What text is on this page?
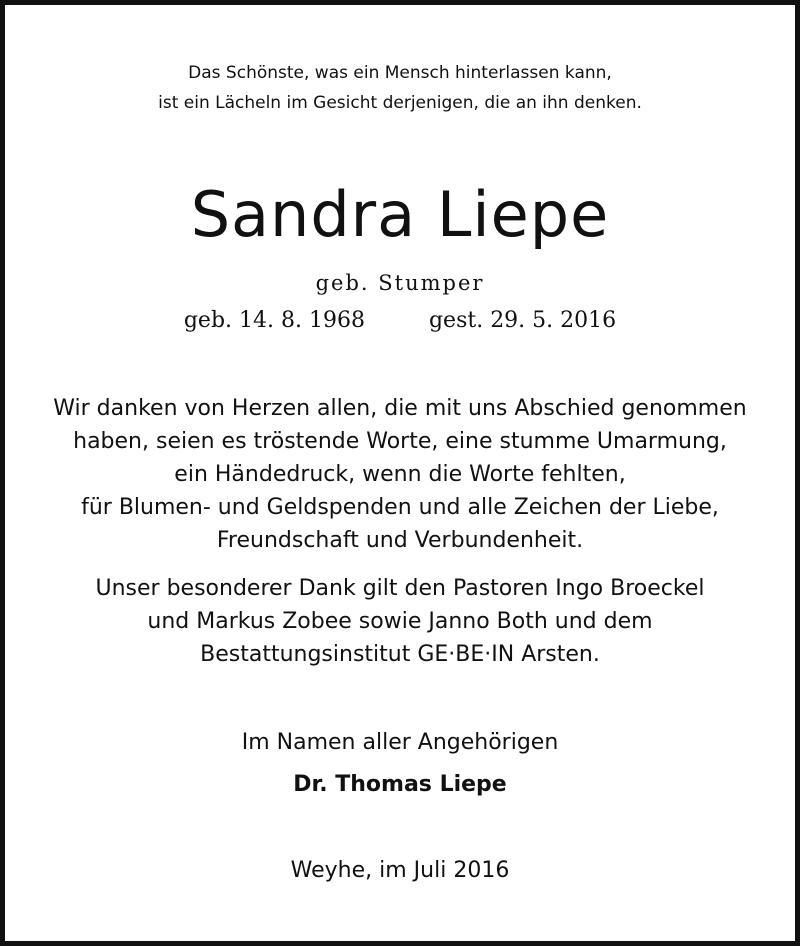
Das Schönste, was ein Mensch hinterlassen kann,
ist ein Lächeln im Gesicht derjenigen, die an ihn denken.
Sandra Liepe
geb. Stumper
geb. 14. 8. 1968	gest. 29. 5. 2016
Wir danken von Herzen allen, die mit uns Abschied genommen
haben, seien es tröstende Worte, eine stumme Umarmung,
ein Händedruck, wenn die Worte fehlten,
für Blumen- und Geldspenden und alle Zeichen der Liebe,
Freundschaft und Verbundenheit.
Unser besonderer Dank gilt den Pastoren Ingo Broeckel
und Markus Zobee sowie Janno Both und dem
Bestattungsinstitut GE·BE·IN Arsten.
Im Namen aller Angehörigen
Dr. Thomas Liepe
Weyhe, im Juli 2016
